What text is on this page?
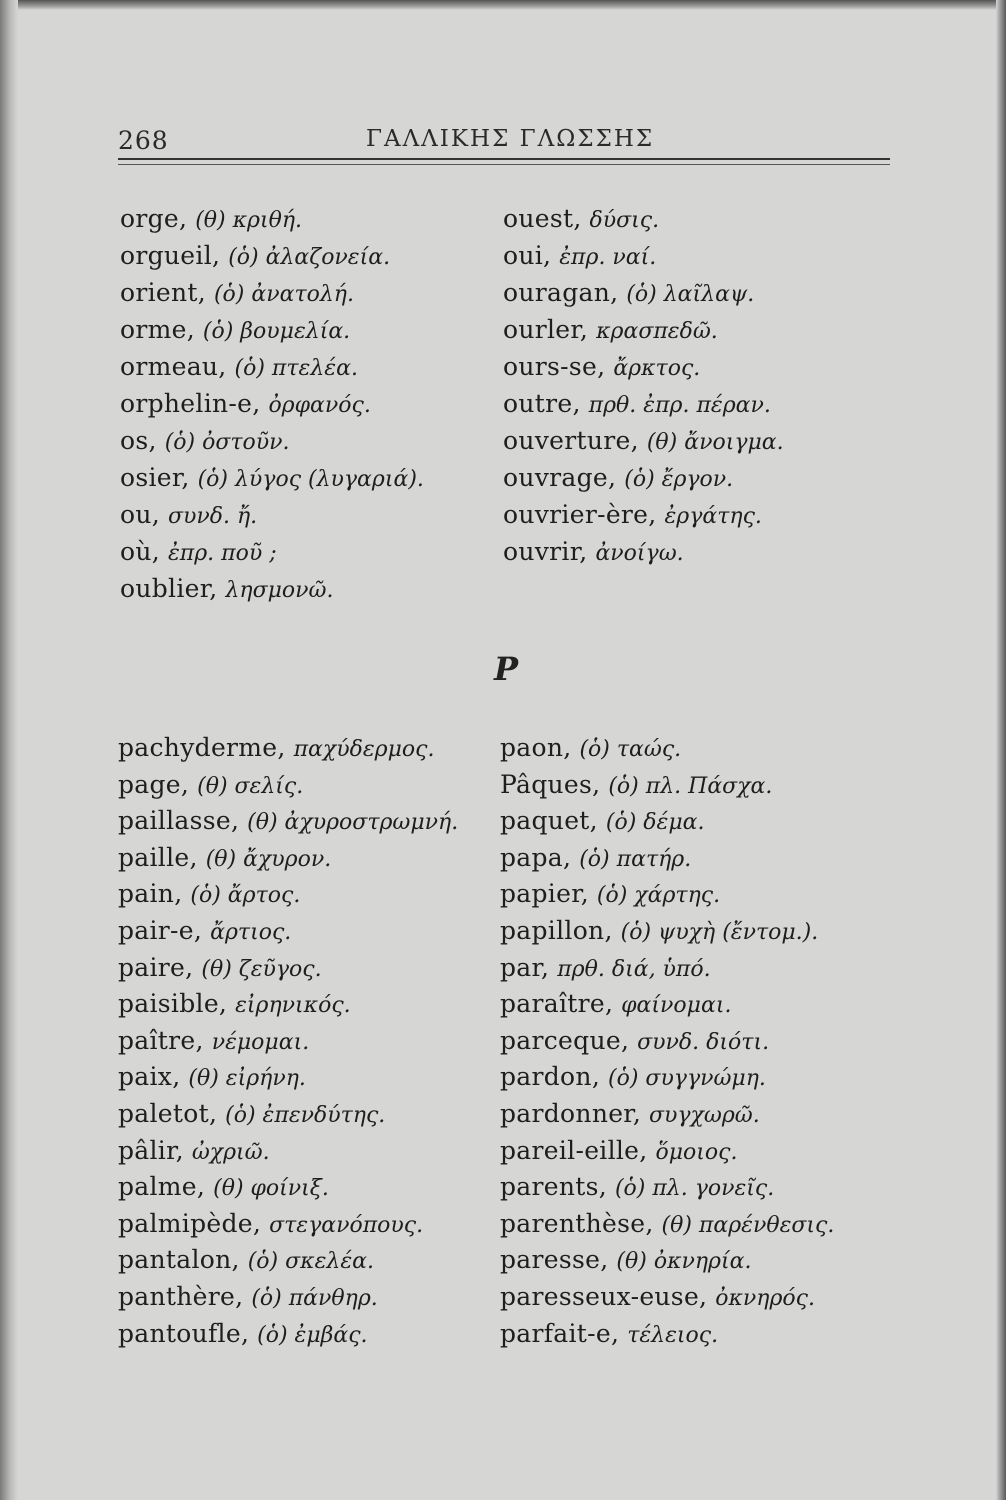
268	ΓΑΛΛΙΚΗΣ ΓΛΩΣΣΗΣ
orge, (θ) κριθή.
orgueil, (ὁ) ἀλαζονεία.
orient, (ὁ) ἀνατολή.
orme, (ὁ) βουμελία.
ormeau, (ὁ) πτελέα.
orphelin-e, ὀρφανός.
os, (ὁ) ὀστοῦν.
osier, (ὁ) λύγος (λυγαριά).
ou, συνδ. ἤ.
où, ἐπρ. ποῦ ;
oublier, λησμονῶ.
ouest, δύσις.
oui, ἐπρ. ναί.
ouragan, (ὁ) λαῖλαψ.
ourler, κρασπεδῶ.
ours-se, ἄρκτος.
outre, πρθ. ἐπρ. πέραν.
ouverture, (θ) ἄνοιγμα.
ouvrage, (ὁ) ἔργον.
ouvrier-ère, ἐργάτης.
ouvrir, ἀνοίγω.
P
pachyderme, παχύδερμος.
page, (θ) σελίς.
paillasse, (θ) ἀχυροστρωμνή.
paille, (θ) ἄχυρον.
pain, (ὁ) ἄρτος.
pair-e, ἄρτιος.
paire, (θ) ζεῦγος.
paisible, εἰρηνικός.
paître, νέμομαι.
paix, (θ) εἰρήνη.
paletot, (ὁ) ἐπενδύτης.
pâlir, ὠχριῶ.
palme, (θ) φοίνιξ.
palmipède, στεγανόπους.
pantalon, (ὁ) σκελέα.
panthère, (ὁ) πάνθηρ.
pantoufle, (ὁ) ἐμβάς.
paon, (ὁ) ταώς.
Pâques, (ὁ) πλ. Πάσχα.
paquet, (ὁ) δέμα.
papa, (ὁ) πατήρ.
papier, (ὁ) χάρτης.
papillon, (ὁ) ψυχὴ (ἔντομ.).
par, πρθ. διά, ὑπό.
paraître, φαίνομαι.
parceque, συνδ. διότι.
pardon, (ὁ) συγγνώμη.
pardonner, συγχωρῶ.
pareil-eille, ὅμοιος.
parents, (ὁ) πλ. γονεῖς.
parenthèse, (θ) παρένθεσις.
paresse, (θ) ὀκνηρία.
paresseux-euse, ὀκνηρός.
parfait-e, τέλειος.
